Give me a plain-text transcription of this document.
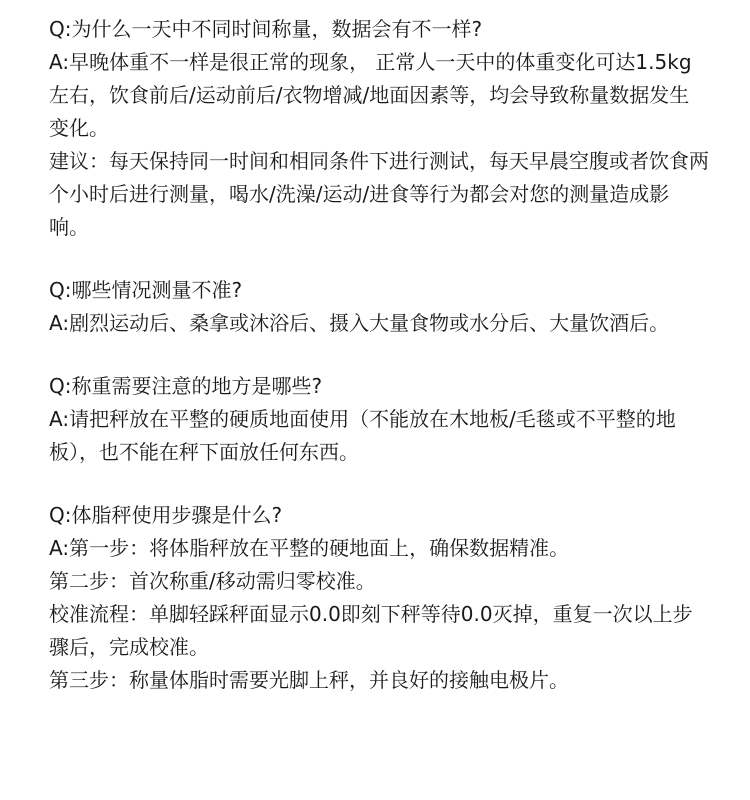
Q:为什么一天中不同时间称量，数据会有不一样?

A:早晚体重不一样是很正常的现象， 正常人一天中的体重变化可达1.5kg左右，饮食前后/运动前后/衣物增减/地面因素等，均会导致称量数据发生变化。

建议：每天保持同一时间和相同条件下进行测试，每天早晨空腹或者饮食两个小时后进行测量，喝水/洗澡/运动/进食等行为都会对您的测量造成影响。

Q:哪些情况测量不准?

A:剧烈运动后、桑拿或沐浴后、摄入大量食物或水分后、大量饮酒后。

Q:称重需要注意的地方是哪些?

A:请把秤放在平整的硬质地面使用（不能放在木地板/毛毯或不平整的地板），也不能在秤下面放任何东西。

Q:体脂秤使用步骤是什么?

A:第一步：将体脂秤放在平整的硬地面上，确保数据精准。

第二步：首次称重/移动需归零校准。

校准流程：单脚轻踩秤面显示0.0即刻下秤等待0.0灭掉，重复一次以上步骤后，完成校准。

第三步：称量体脂时需要光脚上秤，并良好的接触电极片。
